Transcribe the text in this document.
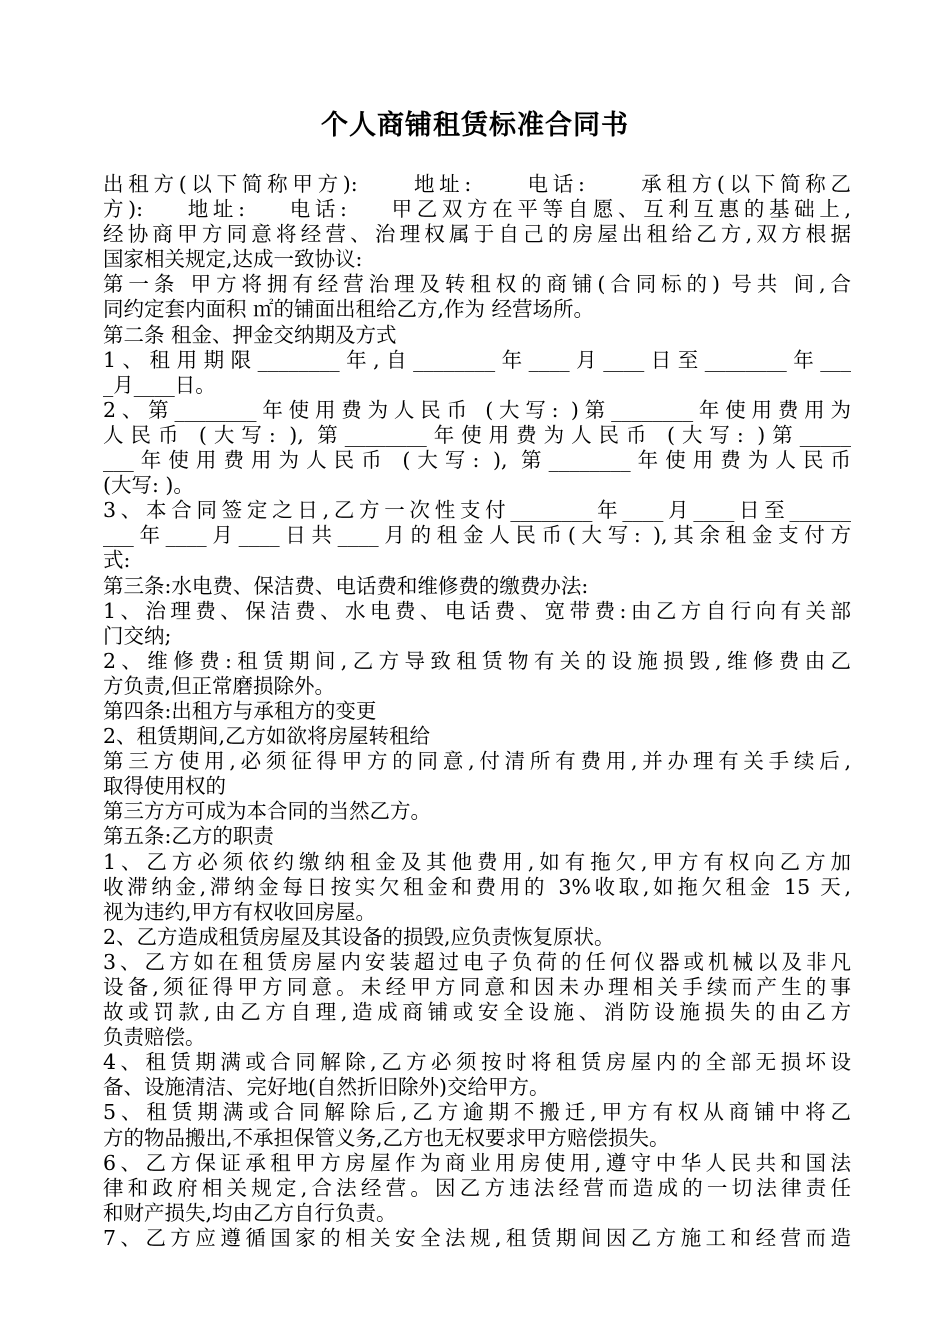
个人商铺租赁标准合同书
出租方(以下简称甲方):     地址:     电话:     承租方(以下简称乙
方):    地址:    电话:    甲乙双方在平等自愿、互利互惠的基础上,
经协商甲方同意将经营、治理权属于自己的房屋出租给乙方,双方根据
国家相关规定,达成一致协议:
第一条 甲方将拥有经营治理及转租权的商铺(合同标的) 号共 间,合
同约定套内面积 ㎡的铺面出租给乙方,作为 经营场所。
第二条 租金、押金交纳期及方式
1、租用期限________年,自________年____月____日至________年___
_月____日。
2、第________年使用费为人民币 (大写: )第________年使用费用为
人民币 (大写: ), 第________年使用费为人民币 (大写: )第_____
___年使用费用为人民币 (大写: ), 第________年使用费为人民币
(大写: )。
3、本合同签定之日,乙方一次性支付________年____月____日至______
___年____月____日共____月的租金人民币(大写: ),其余租金支付方
式:
第三条:水电费、保洁费、电话费和维修费的缴费办法:
1、治理费、保洁费、水电费、电话费、宽带费:由乙方自行向有关部
门交纳;
2、维修费:租赁期间,乙方导致租赁物有关的设施损毁,维修费由乙
方负责,但正常磨损除外。
第四条:出租方与承租方的变更
2、租赁期间,乙方如欲将房屋转租给
第三方使用,必须征得甲方的同意,付清所有费用,并办理有关手续后,
取得使用权的
第三方方可成为本合同的当然乙方。
第五条:乙方的职责
1、乙方必须依约缴纳租金及其他费用,如有拖欠,甲方有权向乙方加
收滞纳金,滞纳金每日按实欠租金和费用的 3%收取,如拖欠租金 15 天,
视为违约,甲方有权收回房屋。
2、乙方造成租赁房屋及其设备的损毁,应负责恢复原状。
3、乙方如在租赁房屋内安装超过电子负荷的任何仪器或机械以及非凡
设备,须征得甲方同意。未经甲方同意和因未办理相关手续而产生的事
故或罚款,由乙方自理,造成商铺或安全设施、消防设施损失的由乙方
负责赔偿。
4、租赁期满或合同解除,乙方必须按时将租赁房屋内的全部无损坏设
备、设施清洁、完好地(自然折旧除外)交给甲方。
5、租赁期满或合同解除后,乙方逾期不搬迁,甲方有权从商铺中将乙
方的物品搬出,不承担保管义务,乙方也无权要求甲方赔偿损失。
6、乙方保证承租甲方房屋作为商业用房使用,遵守中华人民共和国法
律和政府相关规定,合法经营。因乙方违法经营而造成的一切法律责任
和财产损失,均由乙方自行负责。
7、乙方应遵循国家的相关安全法规,租赁期间因乙方施工和经营而造
